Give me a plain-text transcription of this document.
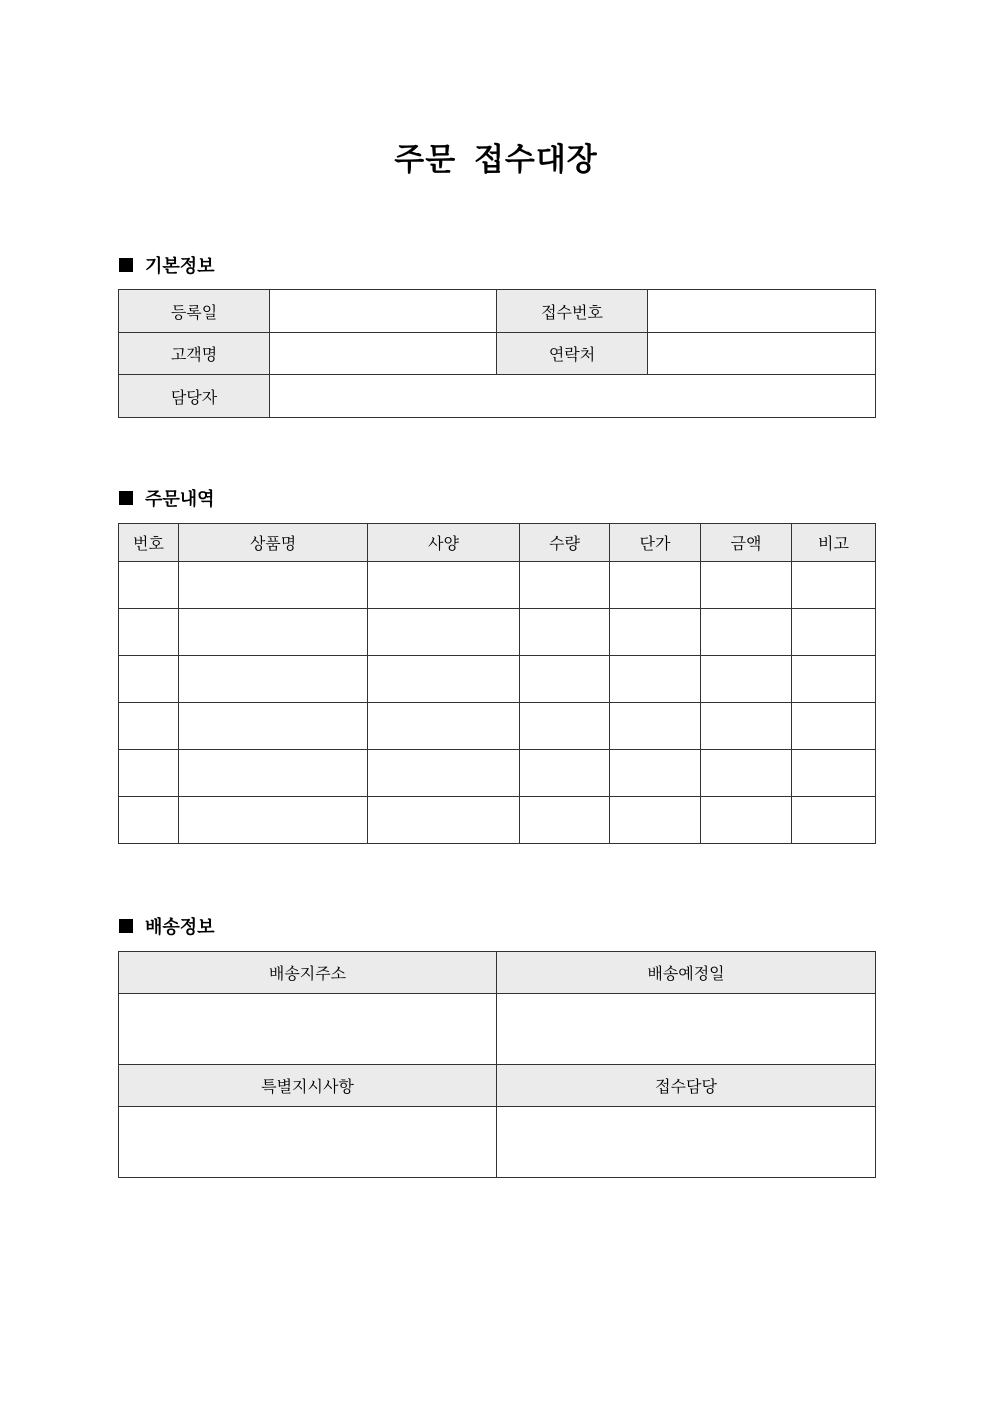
주문 접수대장
기본정보
등록일		접수번호	
고객명		연락처	
담당자			
주문내역
번호	상품명	사양	수량	단가	금액	비고

배송정보
배송지주소	배송예정일

특별지시사항	접수담당
